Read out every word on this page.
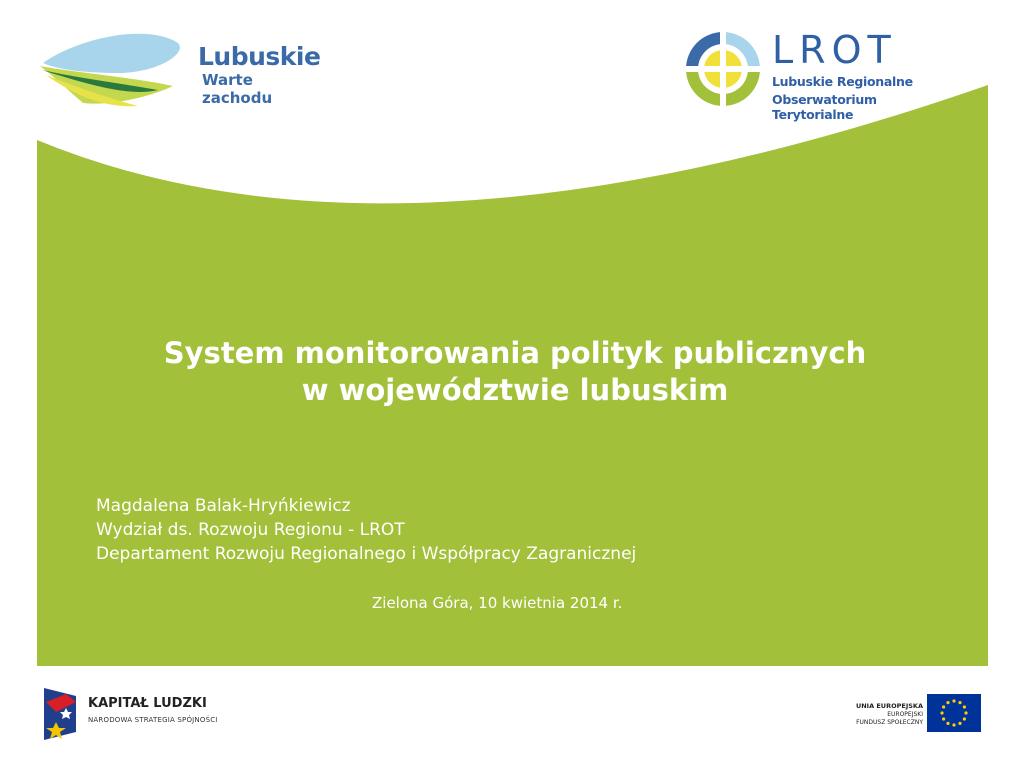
Lubuskie
Warte zachodu
LROT
Lubuskie Regionalne
Obserwatorium Terytorialne
System monitorowania polityk publicznych
w województwie lubuskim
Magdalena Balak-Hryńkiewicz
Wydział ds. Rozwoju Regionu - LROT
Departament Rozwoju Regionalnego i Współpracy Zagranicznej
Zielona Góra, 10 kwietnia 2014 r.
KAPITAŁ LUDZKI
NARODOWA STRATEGIA SPÓJNOŚCI
UNIA EUROPEJSKA
EUROPEJSKI
FUNDUSZ SPOŁECZNY
